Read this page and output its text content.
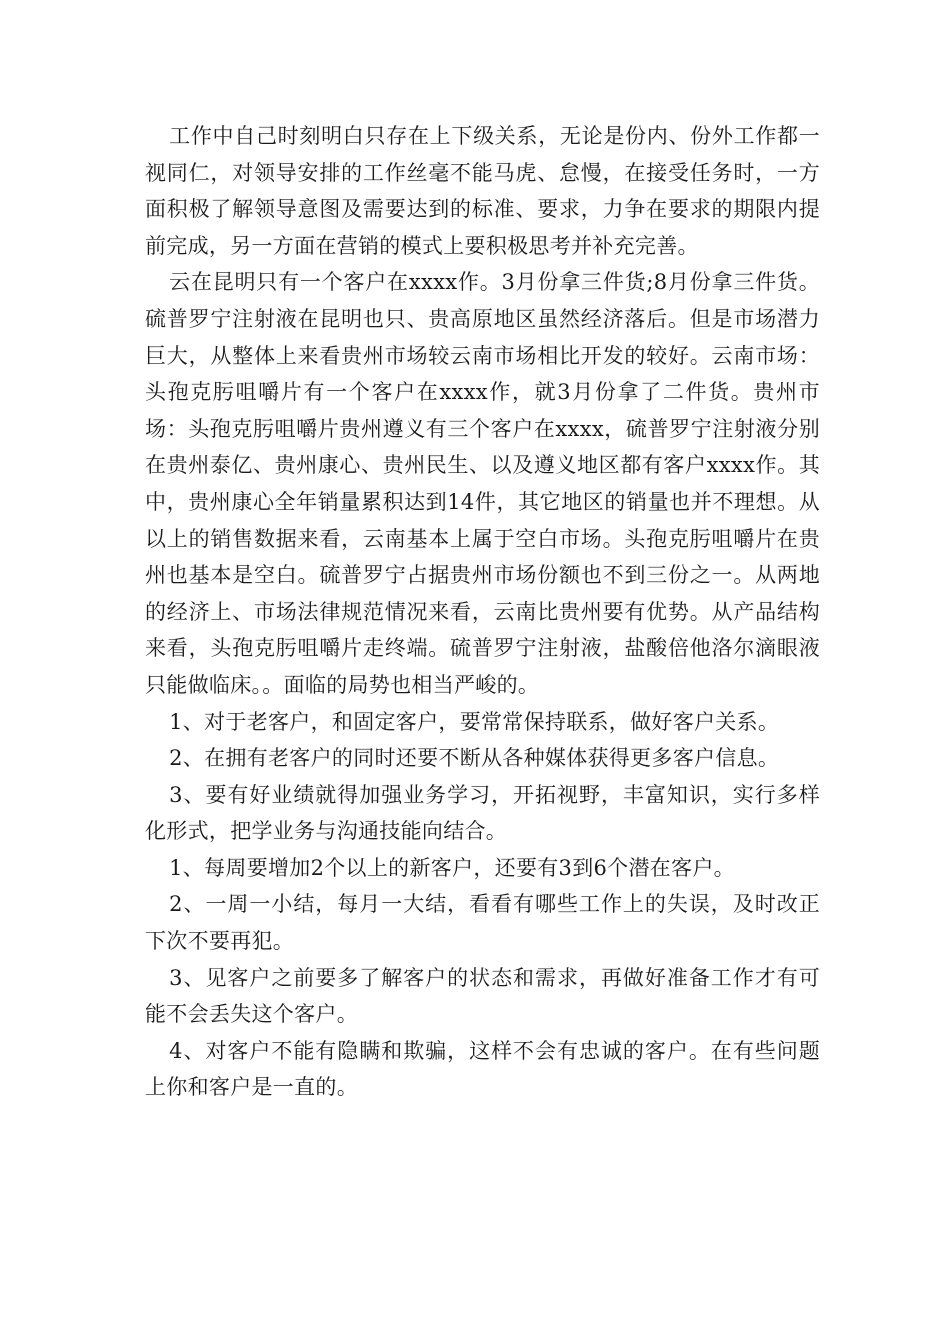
工作中自己时刻明白只存在上下级关系，无论是份内、份外工作都一视同仁，对领导安排的工作丝毫不能马虎、怠慢，在接受任务时，一方面积极了解领导意图及需要达到的标准、要求，力争在要求的期限内提前完成，另一方面在营销的模式上要积极思考并补充完善。

云在昆明只有一个客户在xxxx作。3月份拿三件货;8月份拿三件货。硫普罗宁注射液在昆明也只、贵高原地区虽然经济落后。但是市场潜力巨大，从整体上来看贵州市场较云南市场相比开发的较好。云南市场：头孢克肟咀嚼片有一个客户在xxxx作，就3月份拿了二件货。贵州市场：头孢克肟咀嚼片贵州遵义有三个客户在xxxx，硫普罗宁注射液分别在贵州泰亿、贵州康心、贵州民生、以及遵义地区都有客户xxxx作。其中，贵州康心全年销量累积达到14件，其它地区的销量也并不理想。从以上的销售数据来看，云南基本上属于空白市场。头孢克肟咀嚼片在贵州也基本是空白。硫普罗宁占据贵州市场份额也不到三份之一。从两地的经济上、市场法律规范情况来看，云南比贵州要有优势。从产品结构来看，头孢克肟咀嚼片走终端。硫普罗宁注射液，盐酸倍他洛尔滴眼液只能做临床。。面临的局势也相当严峻的。

1、对于老客户，和固定客户，要常常保持联系，做好客户关系。

2、在拥有老客户的同时还要不断从各种媒体获得更多客户信息。

3、要有好业绩就得加强业务学习，开拓视野，丰富知识，实行多样化形式，把学业务与沟通技能向结合。

1、每周要增加2个以上的新客户，还要有3到6个潜在客户。

2、一周一小结，每月一大结，看看有哪些工作上的失误，及时改正下次不要再犯。

3、见客户之前要多了解客户的状态和需求，再做好准备工作才有可能不会丢失这个客户。

4、对客户不能有隐瞒和欺骗，这样不会有忠诚的客户。在有些问题上你和客户是一直的。
